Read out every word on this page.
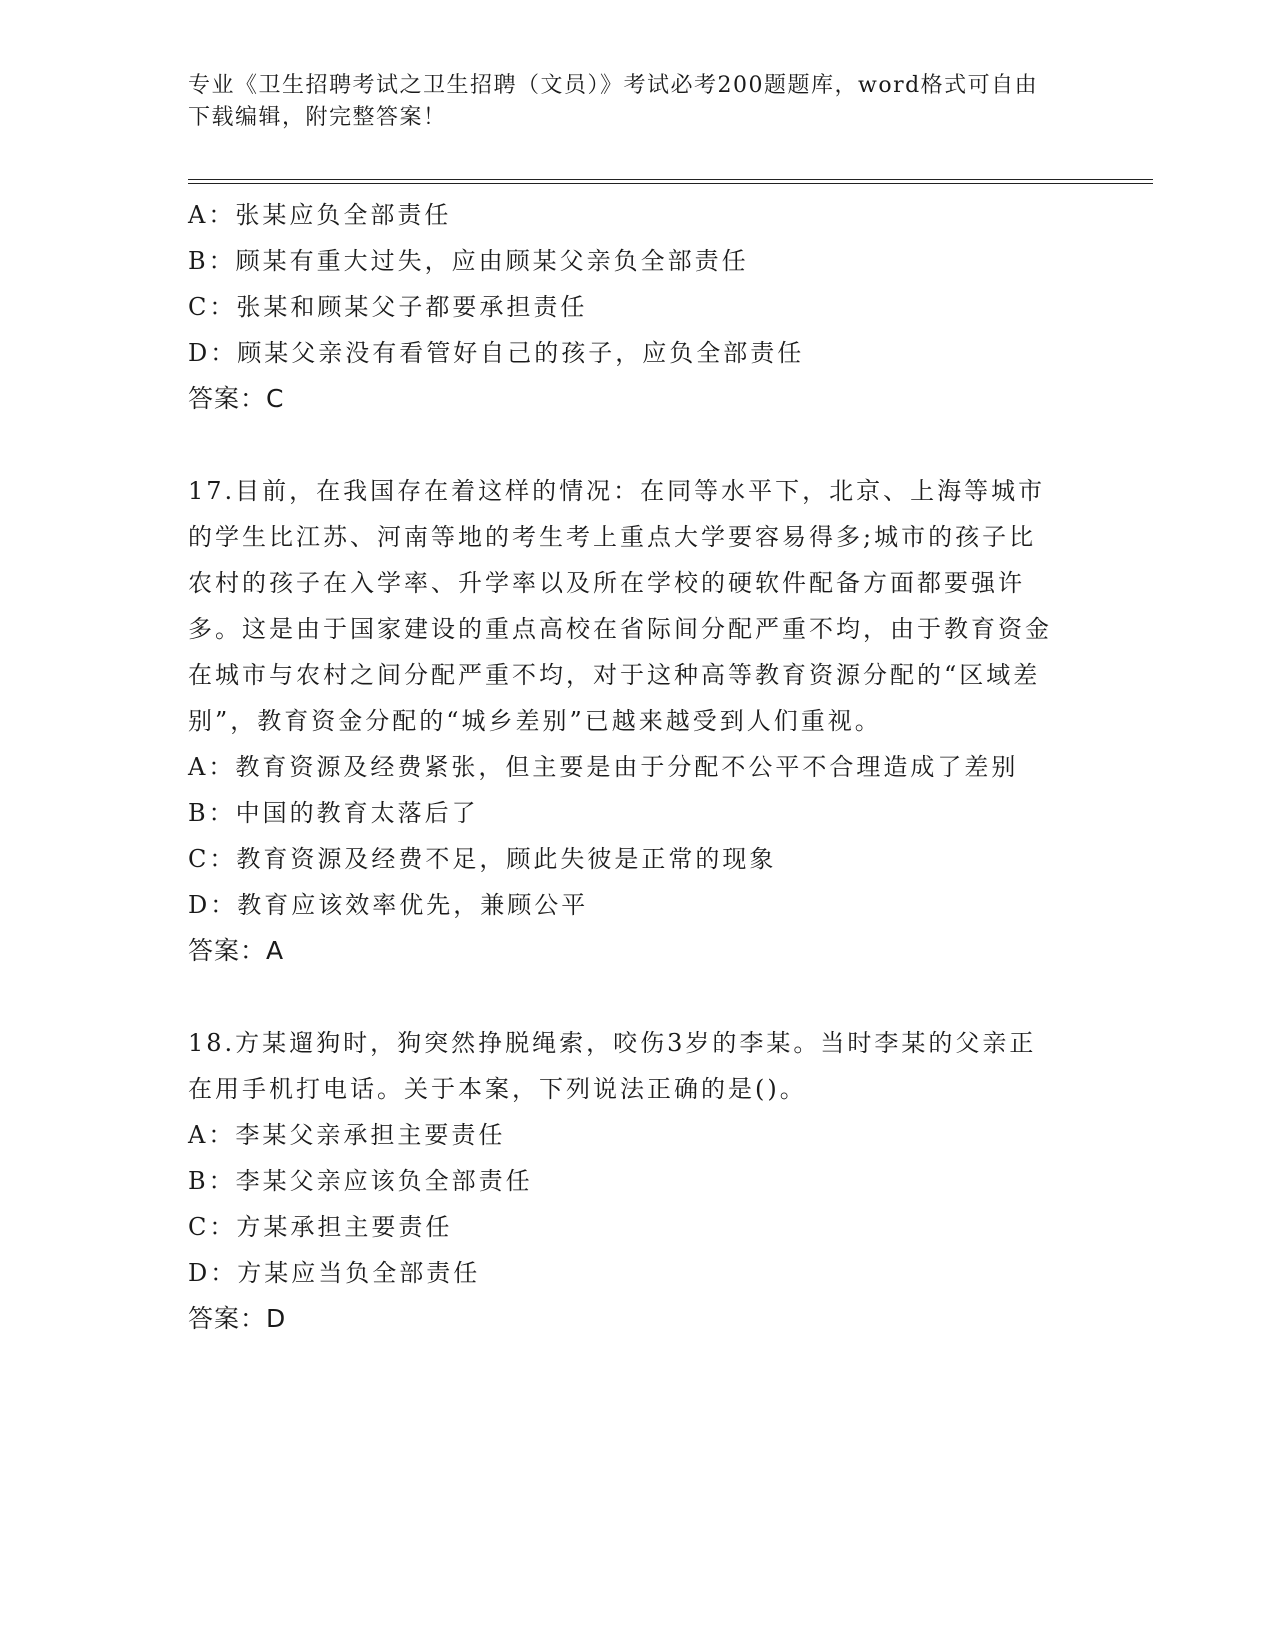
专业《卫生招聘考试之卫生招聘（文员）》考试必考200题题库，word格式可自由下载编辑，附完整答案！
A：张某应负全部责任
B：顾某有重大过失，应由顾某父亲负全部责任
C：张某和顾某父子都要承担责任
D：顾某父亲没有看管好自己的孩子，应负全部责任
答案：C
17.目前，在我国存在着这样的情况：在同等水平下，北京、上海等城市的学生比江苏、河南等地的考生考上重点大学要容易得多;城市的孩子比农村的孩子在入学率、升学率以及所在学校的硬软件配备方面都要强许多。这是由于国家建设的重点高校在省际间分配严重不均，由于教育资金在城市与农村之间分配严重不均，对于这种高等教育资源分配的“区域差别”，教育资金分配的“城乡差别”已越来越受到人们重视。
A：教育资源及经费紧张，但主要是由于分配不公平不合理造成了差别
B：中国的教育太落后了
C：教育资源及经费不足，顾此失彼是正常的现象
D：教育应该效率优先，兼顾公平
答案：A
18.方某遛狗时，狗突然挣脱绳索，咬伤3岁的李某。当时李某的父亲正在用手机打电话。关于本案，下列说法正确的是()。
A：李某父亲承担主要责任
B：李某父亲应该负全部责任
C：方某承担主要责任
D：方某应当负全部责任
答案：D
